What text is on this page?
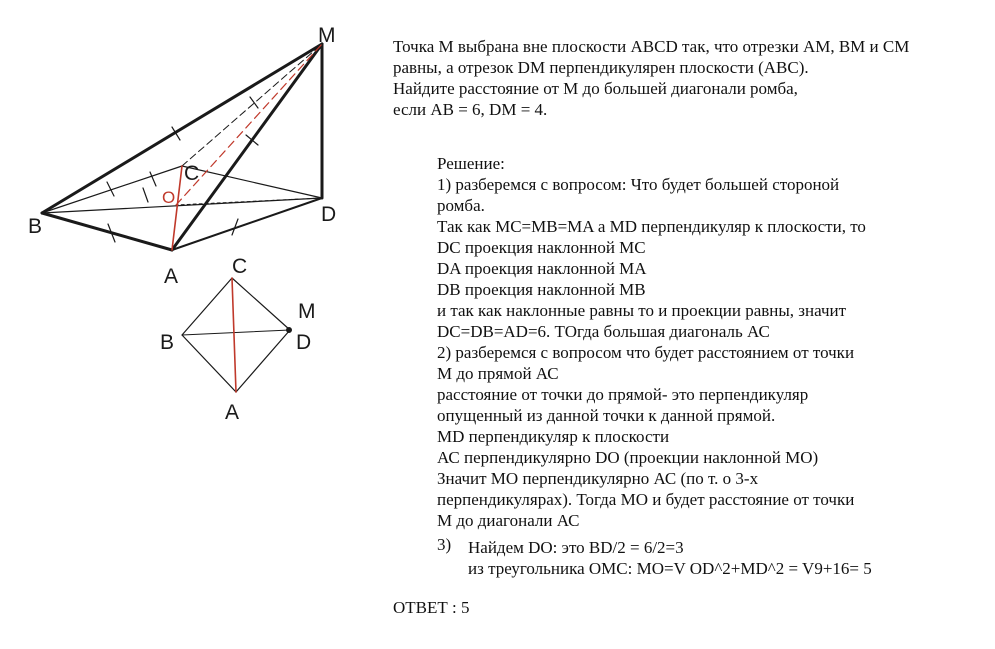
M
C
O
B
D
A	C
M
B	D
A
Точка М выбрана вне плоскости ABCD так, что отрезки АМ, ВМ и СМ
равны, а отрезок DM перпендикулярен плоскости (АВС).
Найдите расстояние от М до большей диагонали ромба,
если АВ = 6, DM = 4.
Решение:
1) разберемся с вопросом: Что будет большей стороной
ромба.
Так как MC=MB=MA а MD перпендикуляр к плоскости, то
DC проекция наклонной МС
DA проекция наклонной МА
DB проекция наклонной МВ
и так как наклонные равны то и проекции равны, значит
DC=DB=AD=6. ТОгда большая диагональ АС
2) разберемся с вопросом что будет расстоянием от точки
М до прямой АС
расстояние от точки до прямой- это перпендикуляр
опущенный из данной точки к данной прямой.
MD перпендикуляр к плоскости
АС перпендикулярно DO (проекции наклонной МО)
Значит МО перпендикулярно АС (по т. о 3-х
перпендикулярах). Тогда МО и будет расстояние от точки
М до диагонали АС
3) Найдем DO: это BD/2 = 6/2=3
из треугольника ОМС: МО=V OD^2+MD^2 = V9+16= 5
ОТВЕТ : 5
